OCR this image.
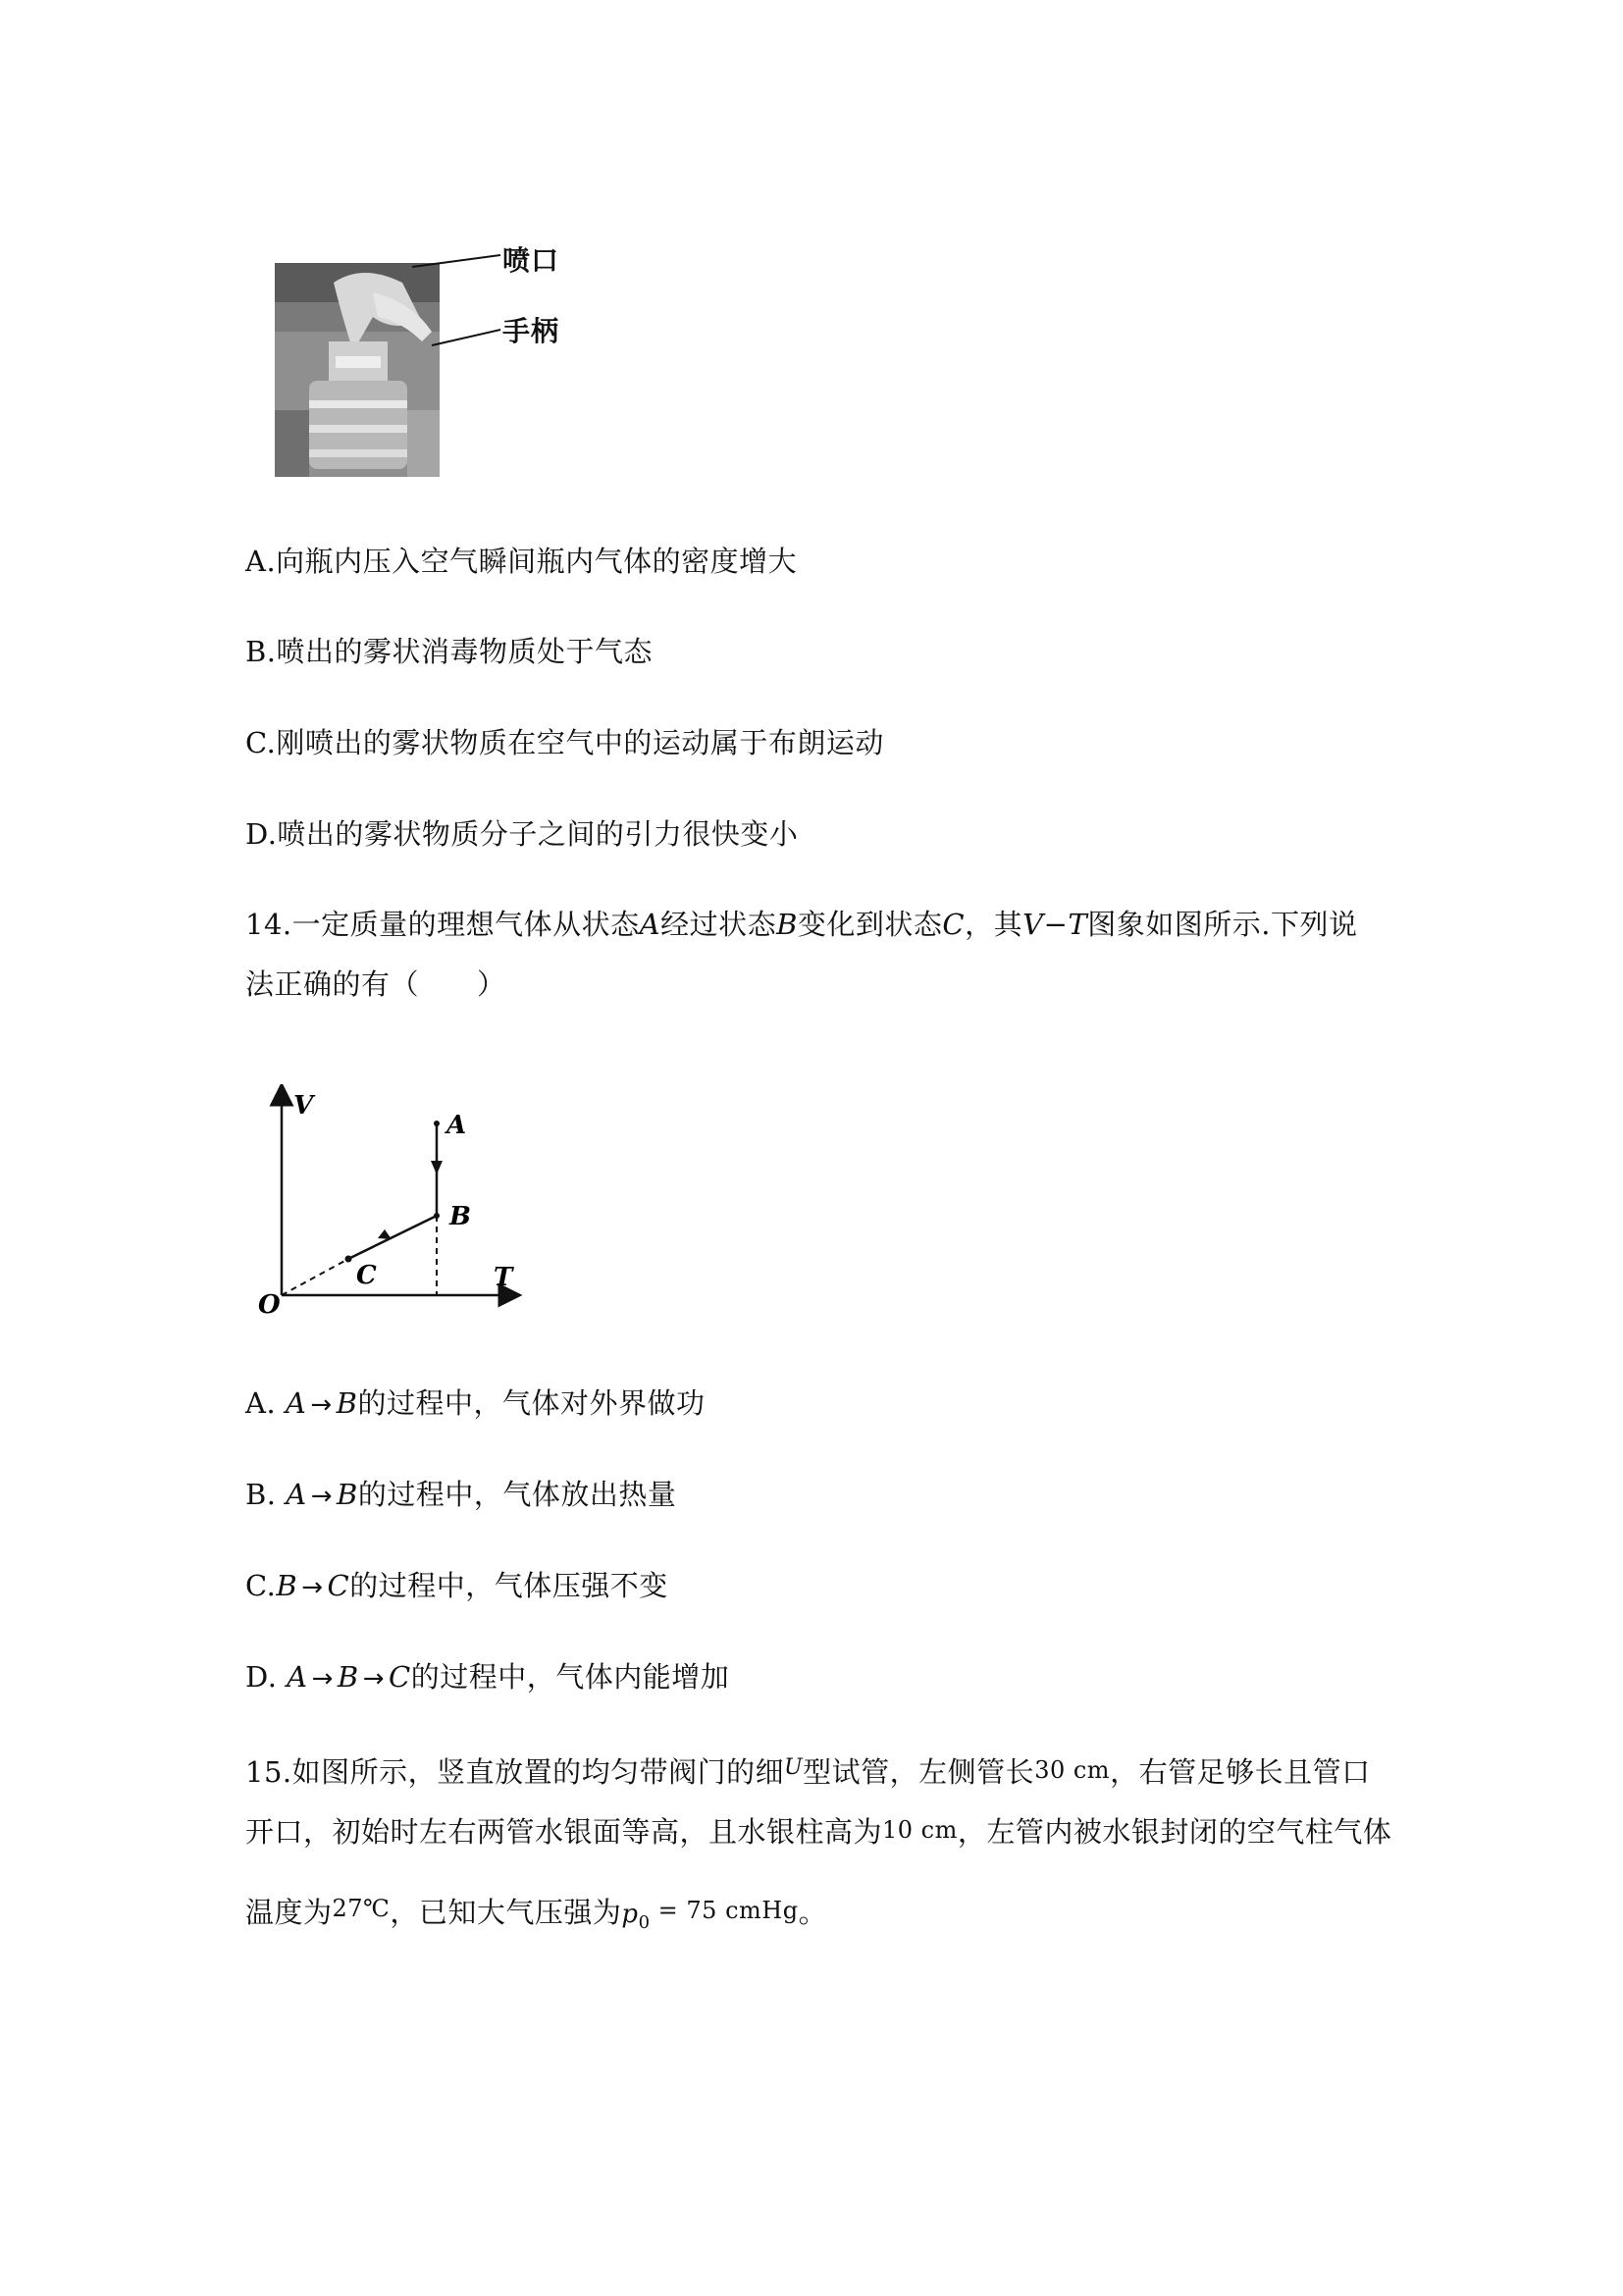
喷口
手柄
A.向瓶内压入空气瞬间瓶内气体的密度增大
B.喷出的雾状消毒物质处于气态
C.刚喷出的雾状物质在空气中的运动属于布朗运动
D.喷出的雾状物质分子之间的引力很快变小
14.一定质量的理想气体从状态A经过状态B变化到状态C，其V−T图象如图所示.下列说
法正确的有（　　）
V
T
O
A
B
C
A. A → B的过程中，气体对外界做功
B. A → B的过程中，气体放出热量
C.B → C的过程中，气体压强不变
D. A → B → C的过程中，气体内能增加
15.如图所示，竖直放置的均匀带阀门的细$^U$型试管，左侧管长30 cm，右管足够长且管口
开口，初始时左右两管水银面等高，且水银柱高为10 cm，左管内被水银封闭的空气柱气体
温度为$^{27℃}$，已知大气压强为$p_0 = 75$ cmHg。
